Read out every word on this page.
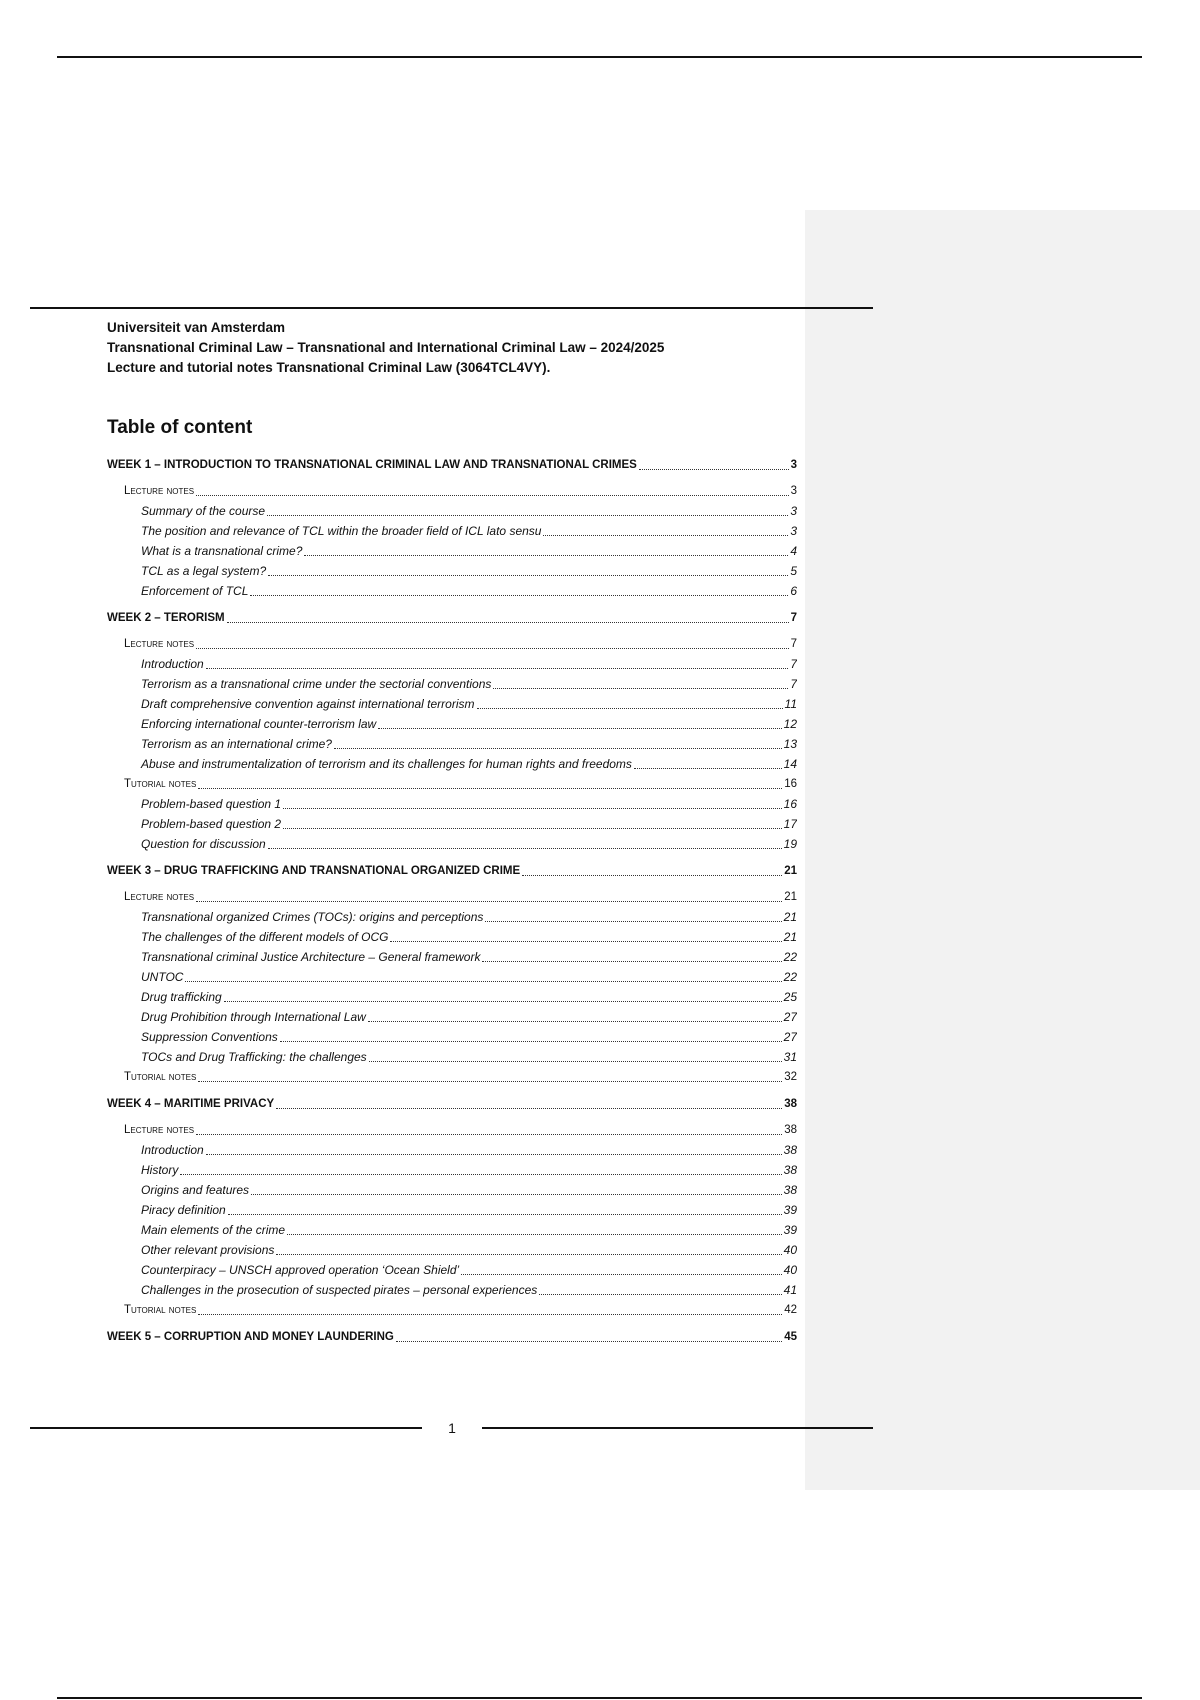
Universiteit van Amsterdam
Transnational Criminal Law – Transnational and International Criminal Law – 2024/2025
Lecture and tutorial notes Transnational Criminal Law (3064TCL4VY).
Table of content
WEEK 1 – INTRODUCTION TO TRANSNATIONAL CRIMINAL LAW AND TRANSNATIONAL CRIMES	3
Lecture notes	3
Summary of the course	3
The position and relevance of TCL within the broader field of ICL lato sensu	3
What is a transnational crime?	4
TCL as a legal system?	5
Enforcement of TCL	6
WEEK 2 – TERORISM	7
Lecture notes	7
Introduction	7
Terrorism as a transnational crime under the sectorial conventions	7
Draft comprehensive convention against international terrorism	11
Enforcing international counter-terrorism law	12
Terrorism as an international crime?	13
Abuse and instrumentalization of terrorism and its challenges for human rights and freedoms	14
Tutorial notes	16
Problem-based question 1	16
Problem-based question 2	17
Question for discussion	19
WEEK 3 – DRUG TRAFFICKING AND TRANSNATIONAL ORGANIZED CRIME	21
Lecture notes	21
Transnational organized Crimes (TOCs): origins and perceptions	21
The challenges of the different models of OCG	21
Transnational criminal Justice Architecture – General framework	22
UNTOC	22
Drug trafficking	25
Drug Prohibition through International Law	27
Suppression Conventions	27
TOCs and Drug Trafficking: the challenges	31
Tutorial notes	32
WEEK 4 – MARITIME PRIVACY	38
Lecture notes	38
Introduction	38
History	38
Origins and features	38
Piracy definition	39
Main elements of the crime	39
Other relevant provisions	40
Counterpiracy – UNSCH approved operation ‘Ocean Shield’	40
Challenges in the prosecution of suspected pirates – personal experiences	41
Tutorial notes	42
WEEK 5 – CORRUPTION AND MONEY LAUNDERING	45
1
